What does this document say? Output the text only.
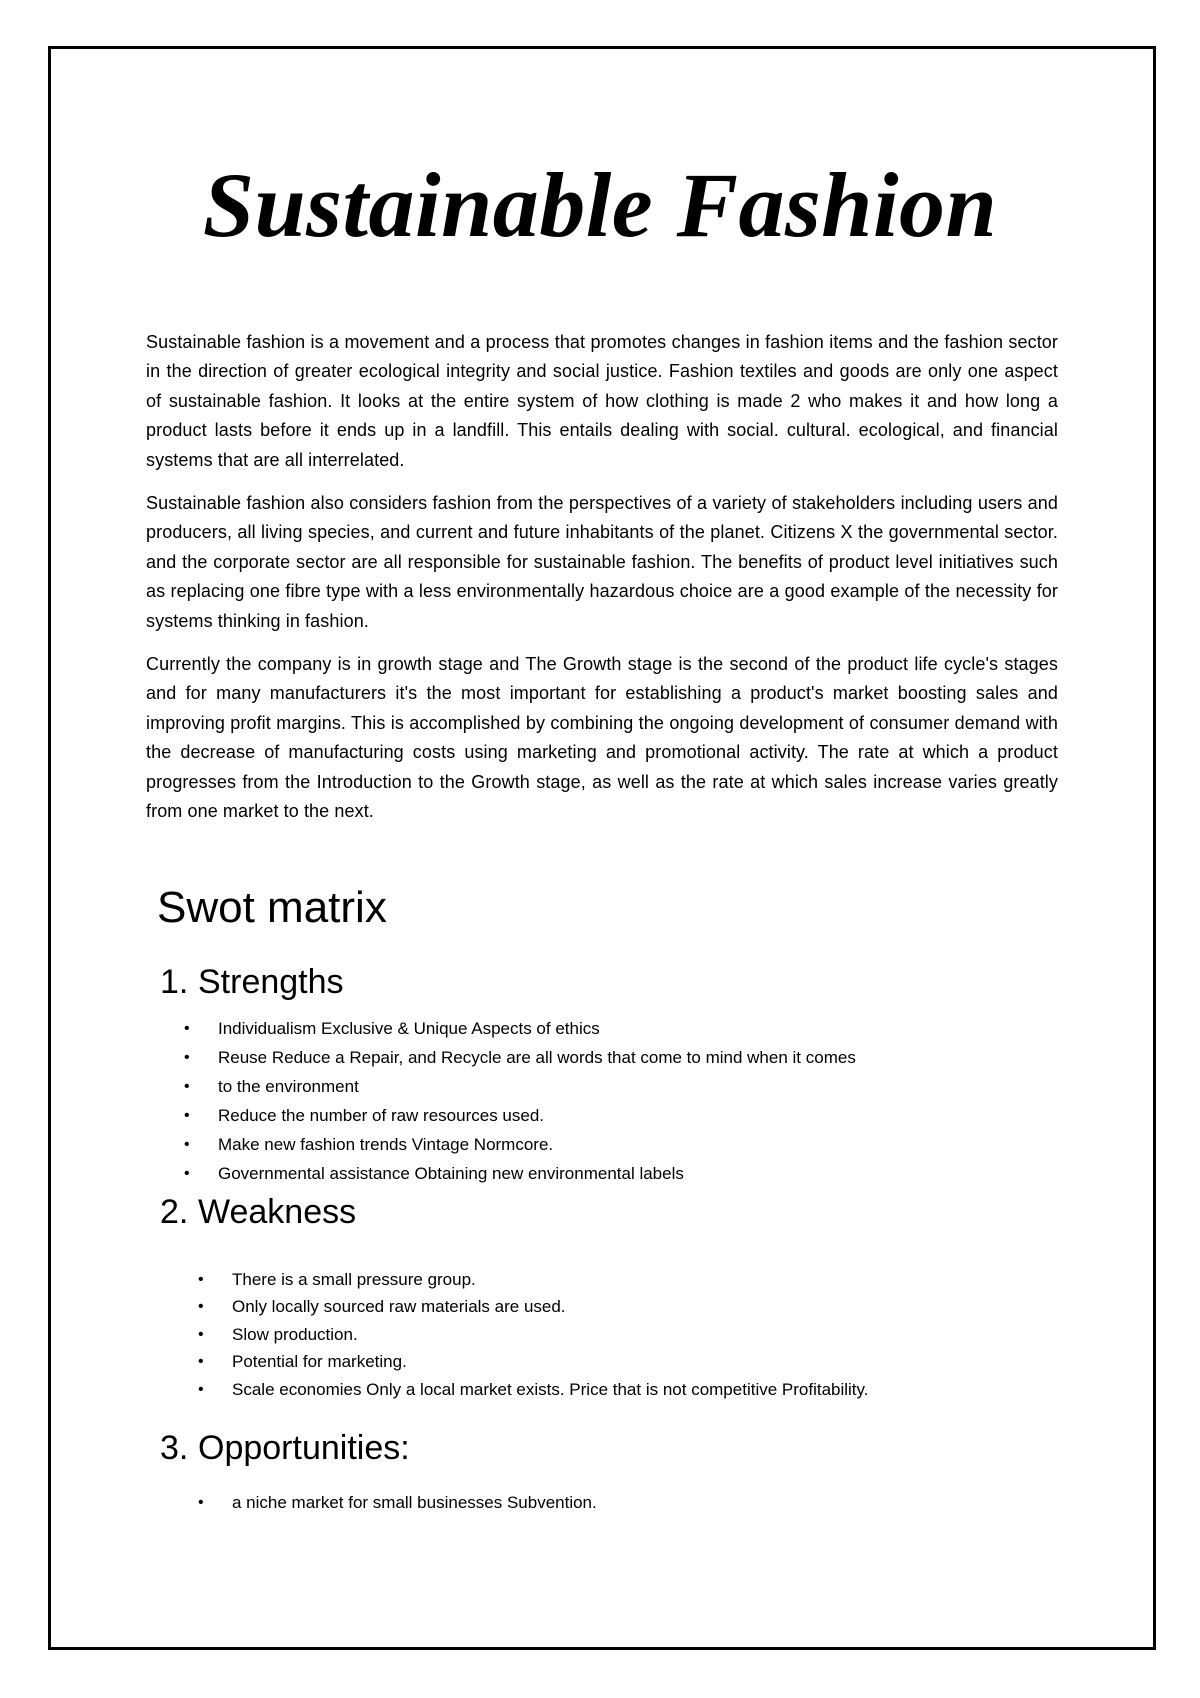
Sustainable Fashion

Sustainable fashion is a movement and a process that promotes changes in fashion items and the fashion sector in the direction of greater ecological integrity and social justice. Fashion textiles and goods are only one aspect of sustainable fashion. It looks at the entire system of how clothing is made 2 who makes it and how long a product lasts before it ends up in a landfill. This entails dealing with social. cultural. ecological, and financial systems that are all interrelated.

Sustainable fashion also considers fashion from the perspectives of a variety of stakeholders including users and producers, all living species, and current and future inhabitants of the planet. Citizens X the governmental sector. and the corporate sector are all responsible for sustainable fashion. The benefits of product level initiatives such as replacing one fibre type with a less environmentally hazardous choice are a good example of the necessity for systems thinking in fashion.

Currently the company is in growth stage and The Growth stage is the second of the product life cycle's stages and for many manufacturers it's the most important for establishing a product's market boosting sales and improving profit margins. This is accomplished by combining the ongoing development of consumer demand with the decrease of manufacturing costs using marketing and promotional activity. The rate at which a product progresses from the Introduction to the Growth stage, as well as the rate at which sales increase varies greatly from one market to the next.

Swot matrix
1. Strengths
• Individualism Exclusive & Unique Aspects of ethics
• Reuse Reduce a Repair, and Recycle are all words that come to mind when it comes
• to the environment
• Reduce the number of raw resources used.
• Make new fashion trends Vintage Normcore.
• Governmental assistance Obtaining new environmental labels
2. Weakness
• There is a small pressure group.
• Only locally sourced raw materials are used.
• Slow production.
• Potential for marketing.
• Scale economies Only a local market exists. Price that is not competitive Profitability.
3. Opportunities:
• a niche market for small businesses Subvention.
